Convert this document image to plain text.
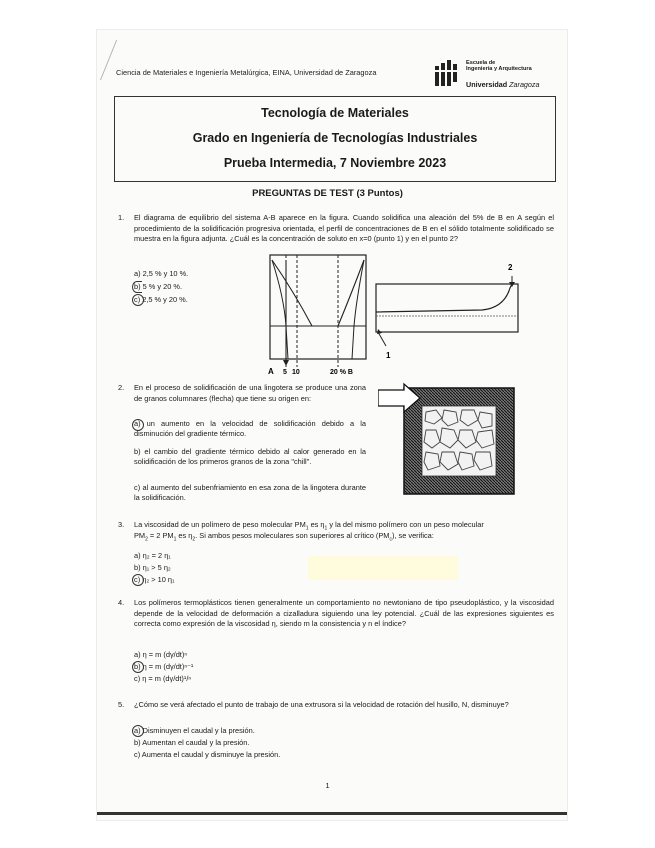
Ciencia de Materiales e Ingeniería Metalúrgica, EINA, Universidad de Zaragoza
Escuela de
Ingeniería y Arquitectura
Universidad Zaragoza
Tecnología de Materiales
Grado en Ingeniería de Tecnologías Industriales
Prueba Intermedia, 7 Noviembre 2023
PREGUNTAS DE TEST (3 Puntos)
1. El diagrama de equilibrio del sistema A-B aparece en la figura. Cuando solidifica una aleación del 5% de B en A según el procedimiento de la solidificación progresiva orientada, el perfil de concentraciones de B en el sólido totalmente solidificado se muestra en la figura adjunta. ¿Cuál es la concentración de soluto en x=0 (punto 1) y en el punto 2?
a) 2,5 % y 10 %.
b) 5 % y 20 %.
c) 2,5 % y 20 %.
A 5 10	20 % B
2
1
2. En el proceso de solidificación de una lingotera se produce una zona de granos columnares (flecha) que tiene su origen en:
a) un aumento en la velocidad de solidificación debido a la disminución del gradiente térmico.
b) el cambio del gradiente térmico debido al calor generado en la solidificación de los primeros granos de la zona "chill".
c) al aumento del subenfriamiento en esa zona de la lingotera durante la solidificación.
3. La viscosidad de un polímero de peso molecular $PM_1$ es $\eta_1$ y la del mismo polímero con un peso molecular
$PM_2 = 2$ $PM_1$ es $\eta_2$. Si ambos pesos moleculares son superiores al crítico $(PM_c)$, se verifica:
a) η₂ = 2 η₁
b) η₁ > 5 η₂
c) η₂ > 10 η₁
4. Los polímeros termoplásticos tienen generalmente un comportamiento no newtoniano de tipo pseudoplástico, y la viscosidad depende de la velocidad de deformación a cizalladura siguiendo una ley potencial. ¿Cuál de las expresiones siguientes es correcta como expresión de la viscosidad η, siendo m la consistencia y n el índice?
a) η = m (dγ/dt)ⁿ
b) η = m (dγ/dt)ⁿ⁻¹
c) η = m (dγ/dt)¹/ⁿ
5. ¿Cómo se verá afectado el punto de trabajo de una extrusora si la velocidad de rotación del husillo, N, disminuye?
a) Disminuyen el caudal y la presión.
b) Aumentan el caudal y la presión.
c) Aumenta el caudal y disminuye la presión.
1
